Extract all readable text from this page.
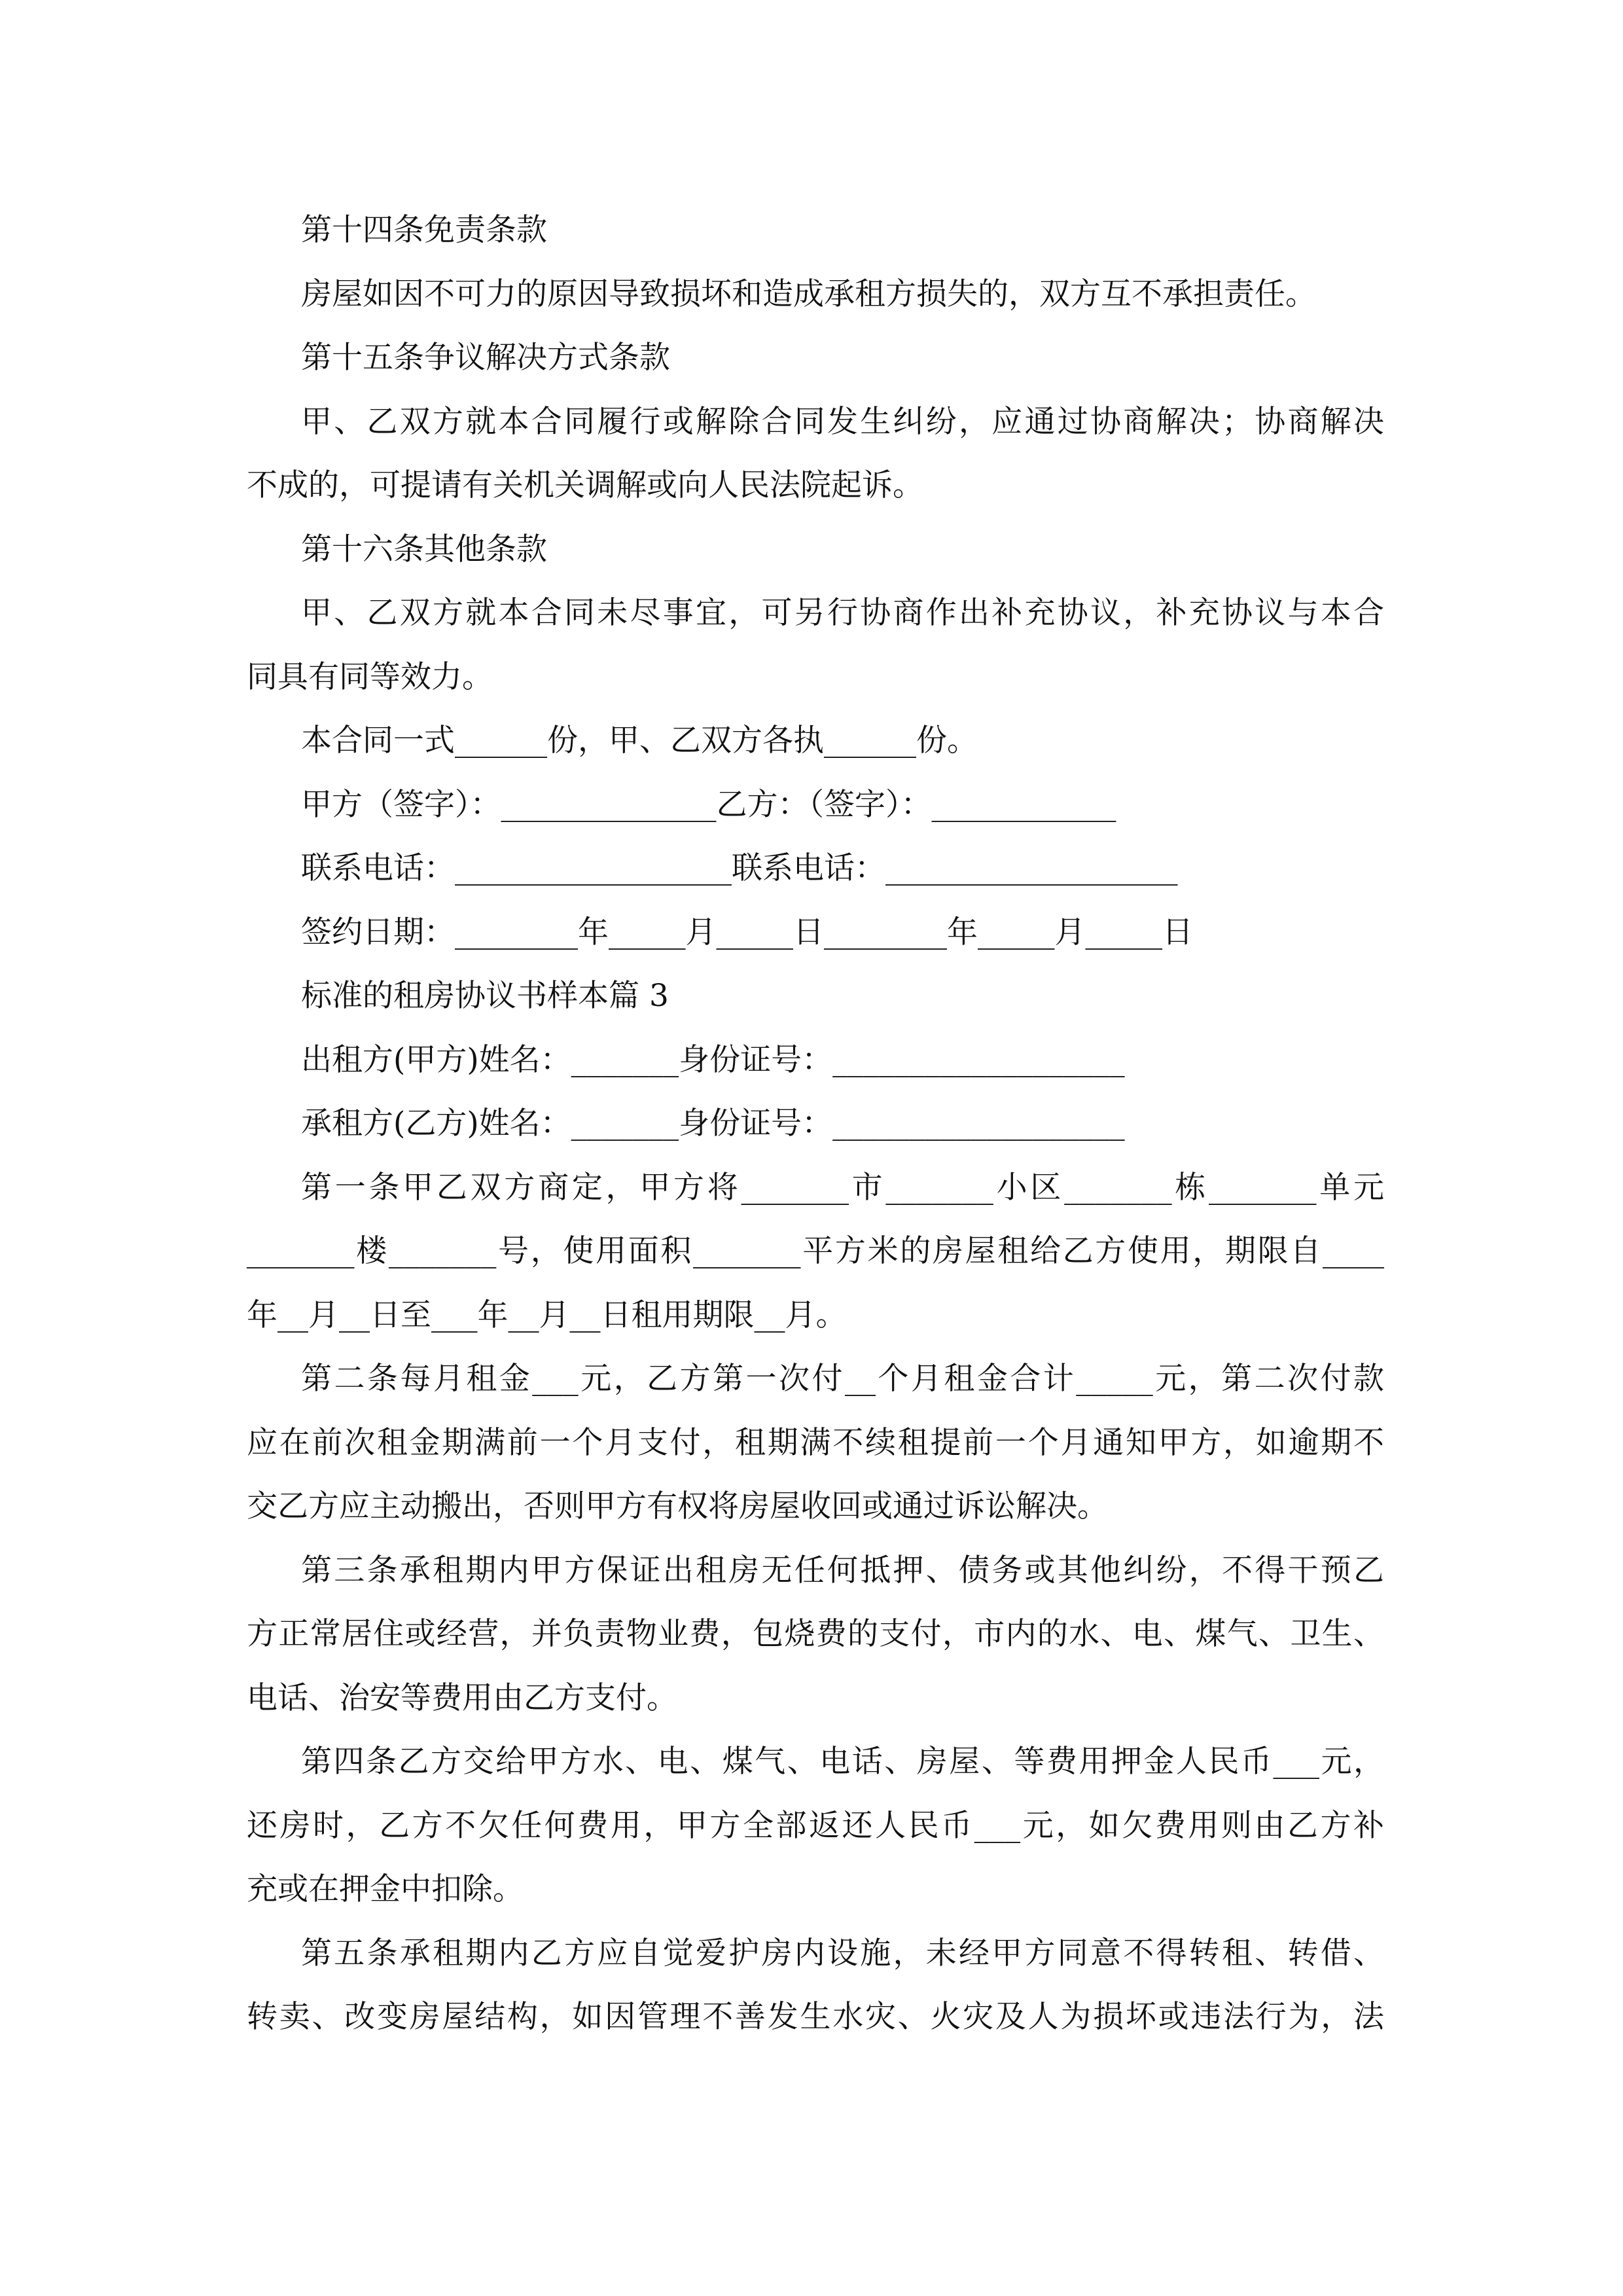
第十四条免责条款
房屋如因不可力的原因导致损坏和造成承租方损失的，双方互不承担责任。
第十五条争议解决方式条款
甲、乙双方就本合同履行或解除合同发生纠纷，应通过协商解决；协商解决
不成的，可提请有关机关调解或向人民法院起诉。
第十六条其他条款
甲、乙双方就本合同未尽事宜，可另行协商作出补充协议，补充协议与本合
同具有同等效力。
本合同一式______份，甲、乙双方各执______份。
甲方（签字）：______________乙方：（签字）：____________
联系电话：__________________联系电话：___________________
签约日期：________年_____月_____日________年_____月_____日
标准的租房协议书样本篇 3
出租方(甲方)姓名：_______身份证号：___________________
承租方(乙方)姓名：_______身份证号：___________________
第一条甲乙双方商定，甲方将_______市_______小区_______栋_______单元
_______楼_______号，使用面积_______平方米的房屋租给乙方使用，期限自____
年__月__日至___年__月__日租用期限__月。
第二条每月租金___元，乙方第一次付__个月租金合计_____元，第二次付款
应在前次租金期满前一个月支付，租期满不续租提前一个月通知甲方，如逾期不
交乙方应主动搬出，否则甲方有权将房屋收回或通过诉讼解决。
第三条承租期内甲方保证出租房无任何抵押、债务或其他纠纷，不得干预乙
方正常居住或经营，并负责物业费，包烧费的支付，市内的水、电、煤气、卫生、
电话、治安等费用由乙方支付。
第四条乙方交给甲方水、电、煤气、电话、房屋、等费用押金人民币___元，
还房时，乙方不欠任何费用，甲方全部返还人民币___元，如欠费用则由乙方补
充或在押金中扣除。
第五条承租期内乙方应自觉爱护房内设施，未经甲方同意不得转租、转借、
转卖、改变房屋结构，如因管理不善发生水灾、火灾及人为损坏或违法行为，法
